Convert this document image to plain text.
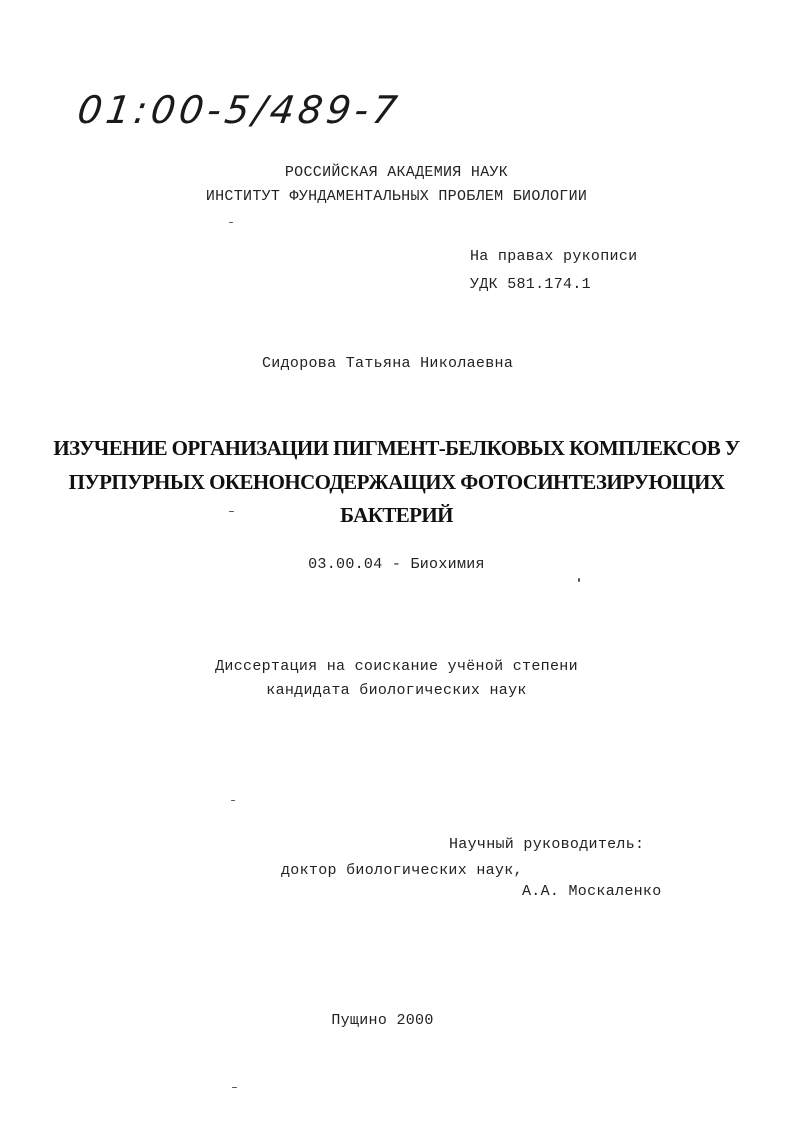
01:00-5/489-7
РОССИЙСКАЯ АКАДЕМИЯ НАУК
ИНСТИТУТ ФУНДАМЕНТАЛЬНЫХ ПРОБЛЕМ БИОЛОГИИ
На правах рукописи
УДК 581.174.1
Сидорова Татьяна Николаевна
ИЗУЧЕНИЕ ОРГАНИЗАЦИИ ПИГМЕНТ-БЕЛКОВЫХ КОМПЛЕКСОВ У
ПУРПУРНЫХ ОКЕНОНСОДЕРЖАЩИХ ФОТОСИНТЕЗИРУЮЩИХ
БАКТЕРИЙ
03.00.04 - Биохимия
Диссертация на соискание учёной степени
кандидата биологических наук
Научный руководитель:
доктор биологических наук,
А.А. Москаленко
Пущино 2000
